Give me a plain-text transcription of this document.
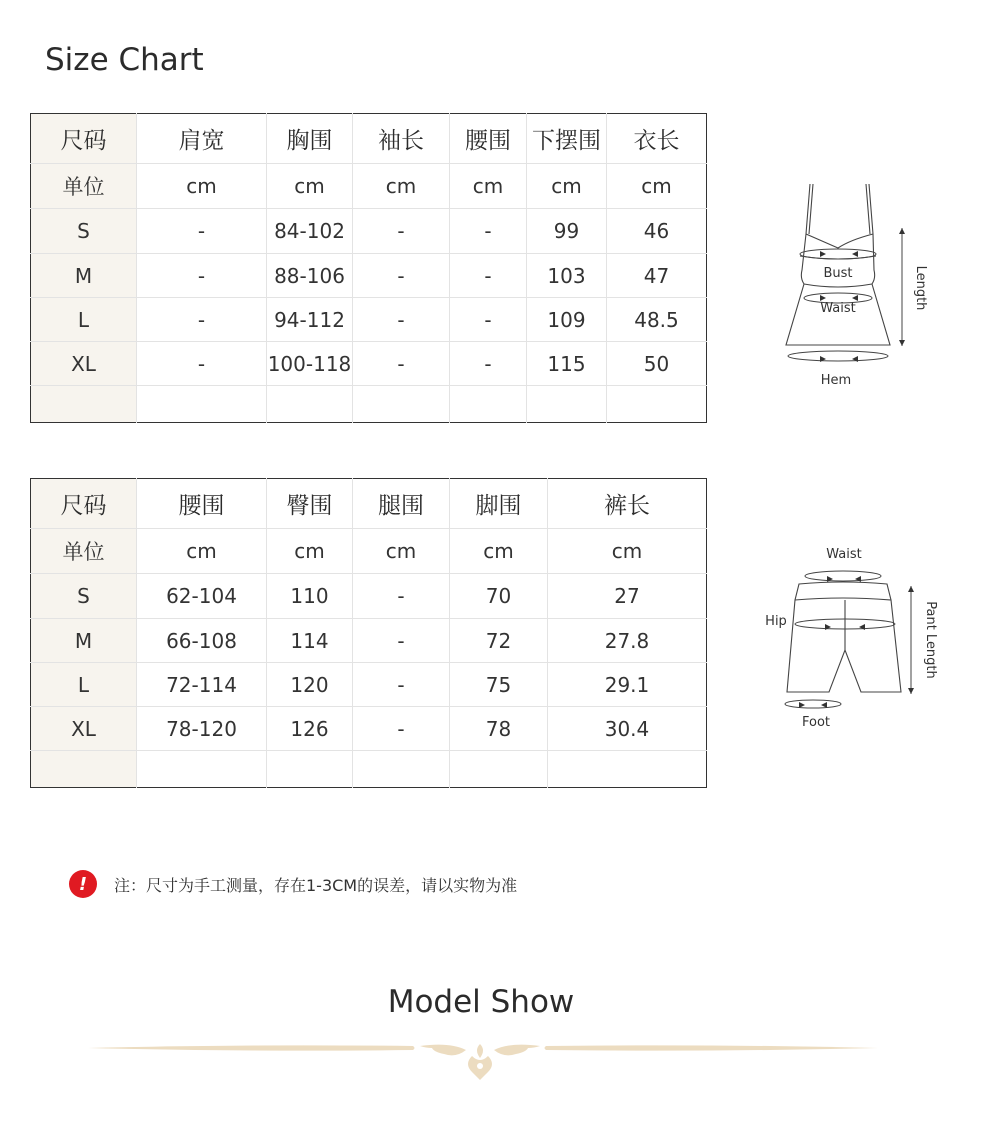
Size Chart
尺码	肩宽	胸围	袖长	腰围	下摆围	衣长
单位	cm	cm	cm	cm	cm	cm
S	-	84-102	-	-	99	46
M	-	88-106	-	-	103	47
L	-	94-112	-	-	109	48.5
XL	-	100-118	-	-	115	50

Bust
Waist
Hem
Length
尺码	腰围	臀围	腿围	脚围	裤长
单位	cm	cm	cm	cm	cm
S	62-104	110	-	70	27
M	66-108	114	-	72	27.8
L	72-114	120	-	75	29.1
XL	78-120	126	-	78	30.4

Waist
Hip
Foot
Pant Length
!	注：尺寸为手工测量，存在1-3CM的误差，请以实物为准
Model Show
